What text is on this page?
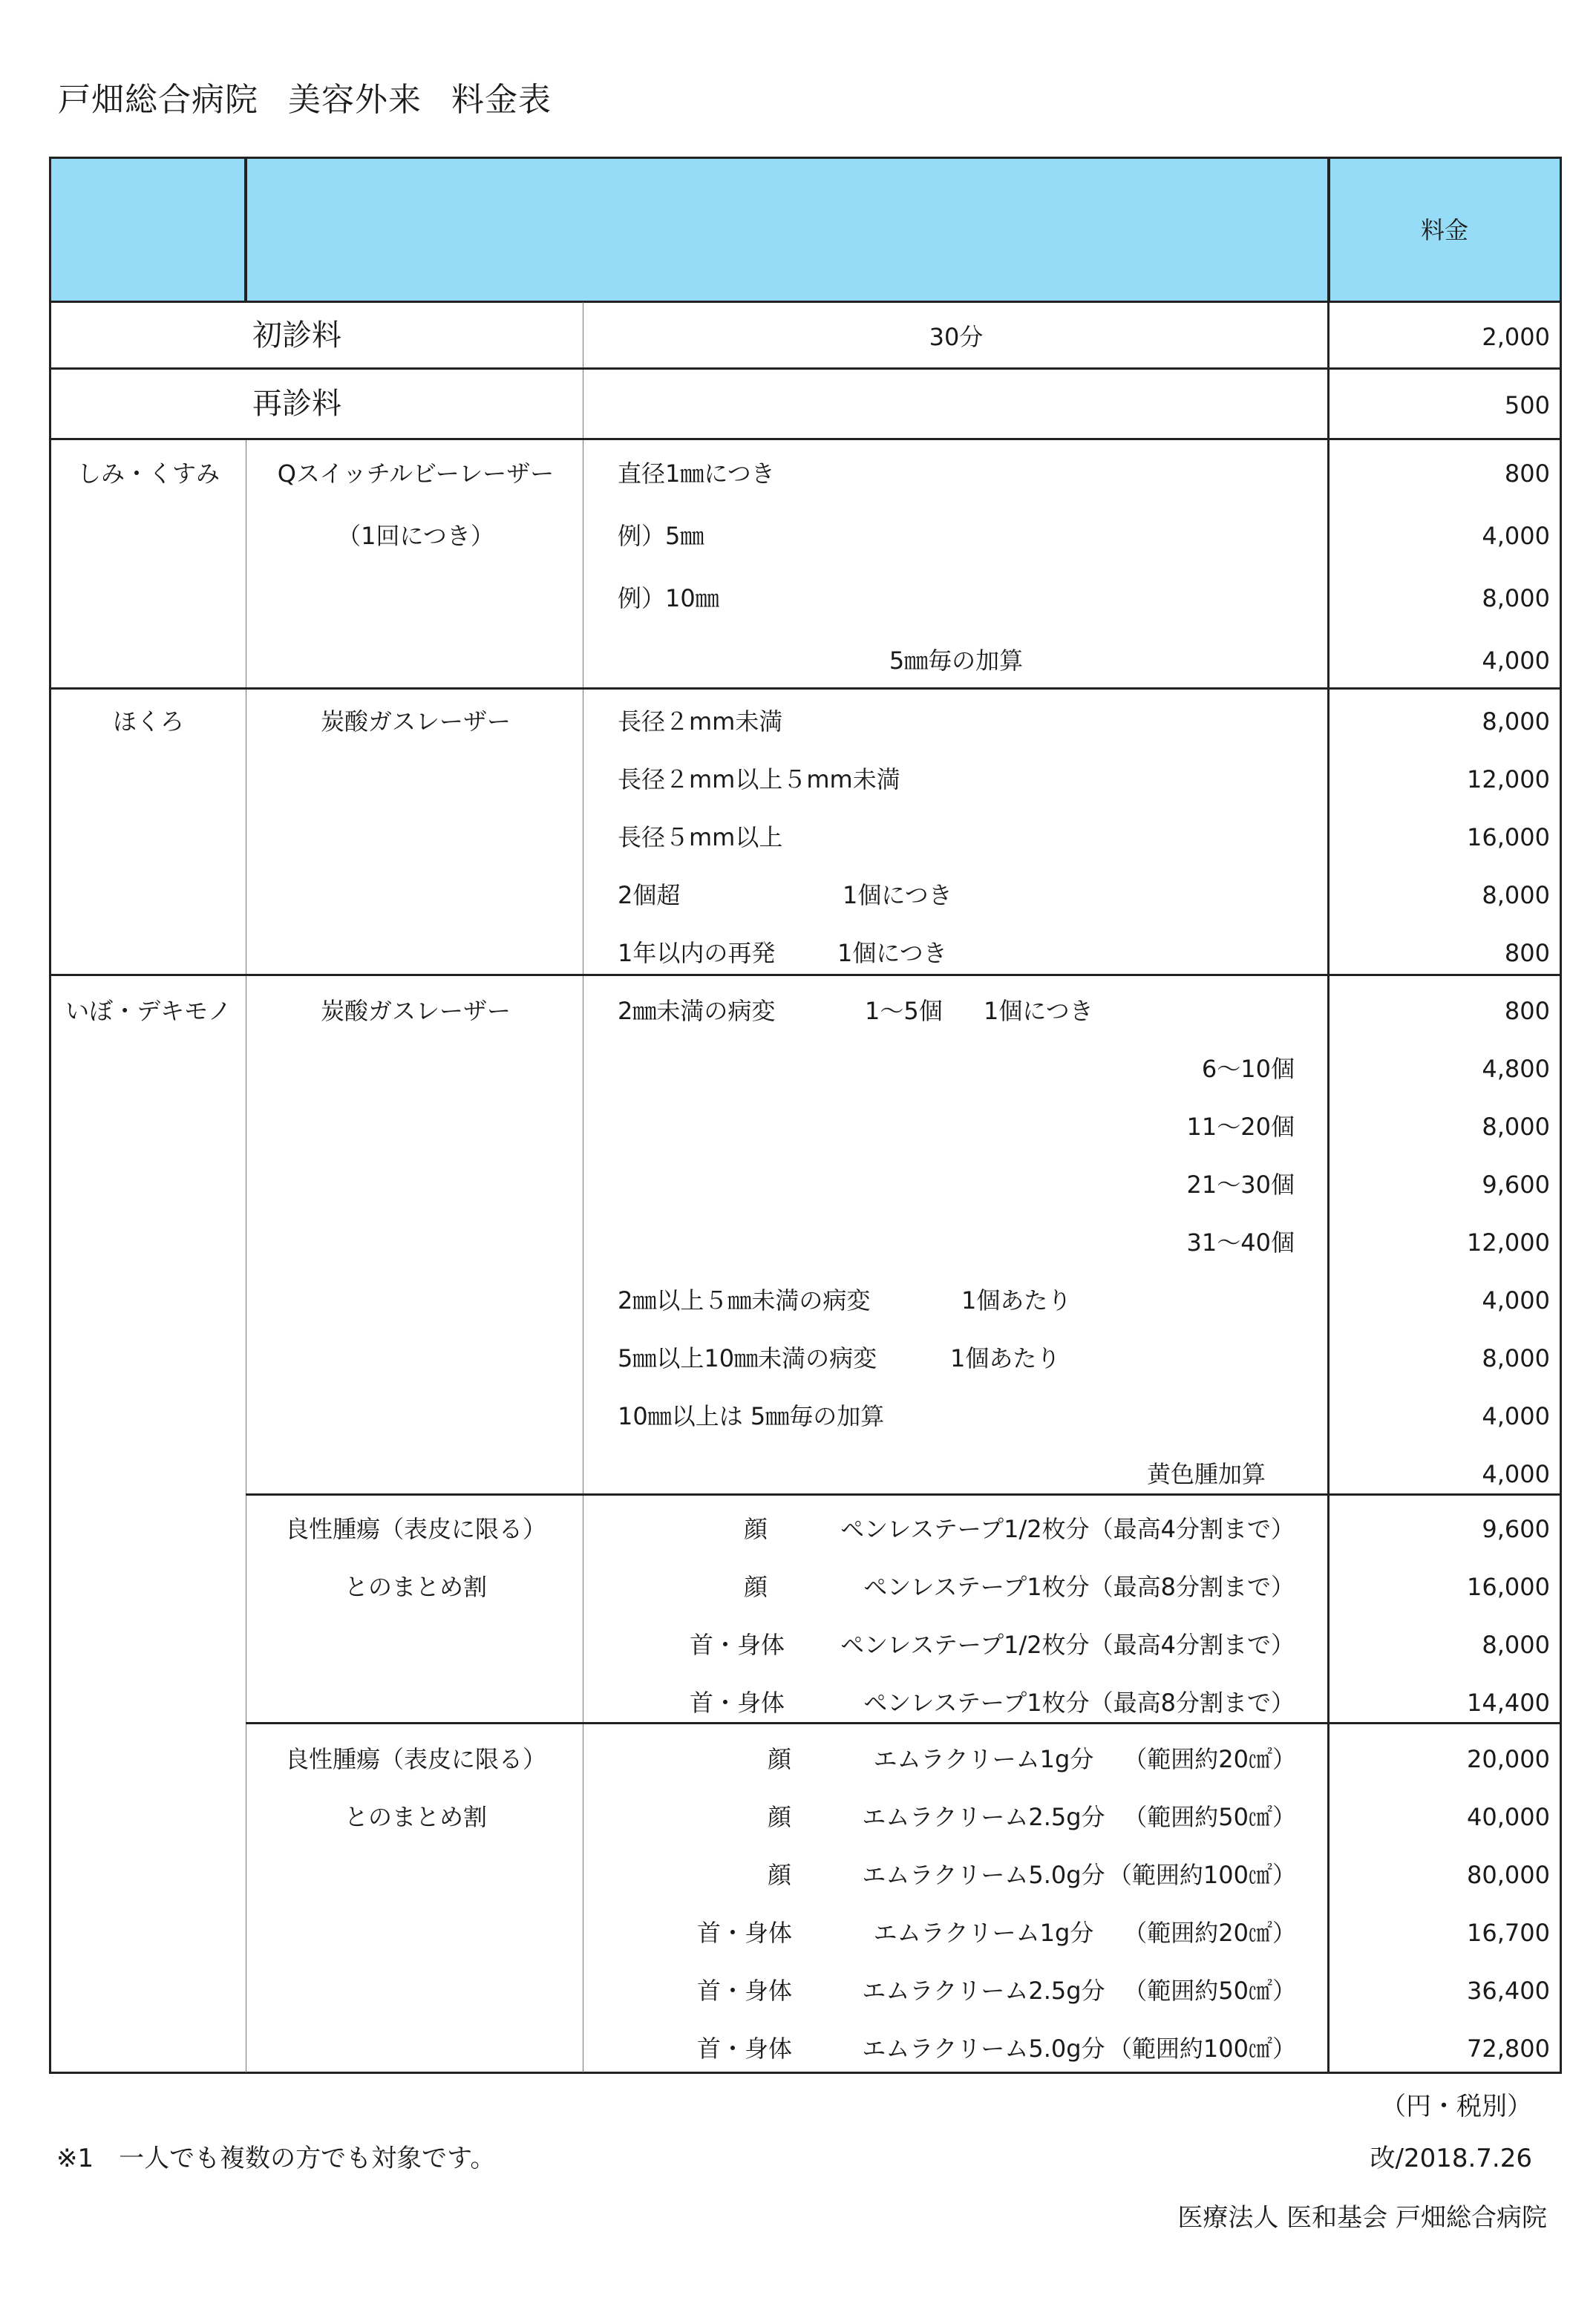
戸畑総合病院 美容外来 料金表
料金
初診料	30分	2,000
再診料	500
しみ・くすみ Qスイッチルビーレーザー
（1回につき）
直径1㎜につき	800
例）5㎜	4,000
例）10㎜	8,000
5㎜毎の加算	4,000
ほくろ	炭酸ガスレーザー	長径２mm未満	8,000
長径２mm以上５mm未満	12,000
長径５mm以上	16,000
2個超	1個につき	8,000
1年以内の再発	1個につき	800
いぼ・デキモノ	炭酸ガスレーザー	2㎜未満の病変	1～5個 1個につき	800
6～10個	4,800
11～20個	8,000
21～30個	9,600
31～40個	12,000
2㎜以上５㎜未満の病変	1個あたり	4,000
5㎜以上10㎜未満の病変	1個あたり	8,000
10㎜以上は 5㎜毎の加算	4,000
黄色腫加算	4,000
良性腫瘍（表皮に限る）
とのまとめ割
顔	ペンレステープ1/2枚分（最高4分割まで）	9,600
顔	ペンレステープ1枚分（最高8分割まで）	16,000
首・身体 ペンレステープ1/2枚分（最高4分割まで）	8,000
首・身体	ペンレステープ1枚分（最高8分割まで）	14,400
良性腫瘍（表皮に限る）
とのまとめ割
顔	エムラクリーム1g分 （範囲約20㎠）	20,000
顔	エムラクリーム2.5g分 （範囲約50㎠）	40,000
顔	エムラクリーム5.0g分 （範囲約100㎠）	80,000
首・身体	エムラクリーム1g分 （範囲約20㎠）	16,700
首・身体	エムラクリーム2.5g分 （範囲約50㎠）	36,400
首・身体	エムラクリーム5.0g分 （範囲約100㎠）	72,800
（円・税別）
※1　一人でも複数の方でも対象です。	改/2018.7.26
医療法人 医和基会 戸畑総合病院
